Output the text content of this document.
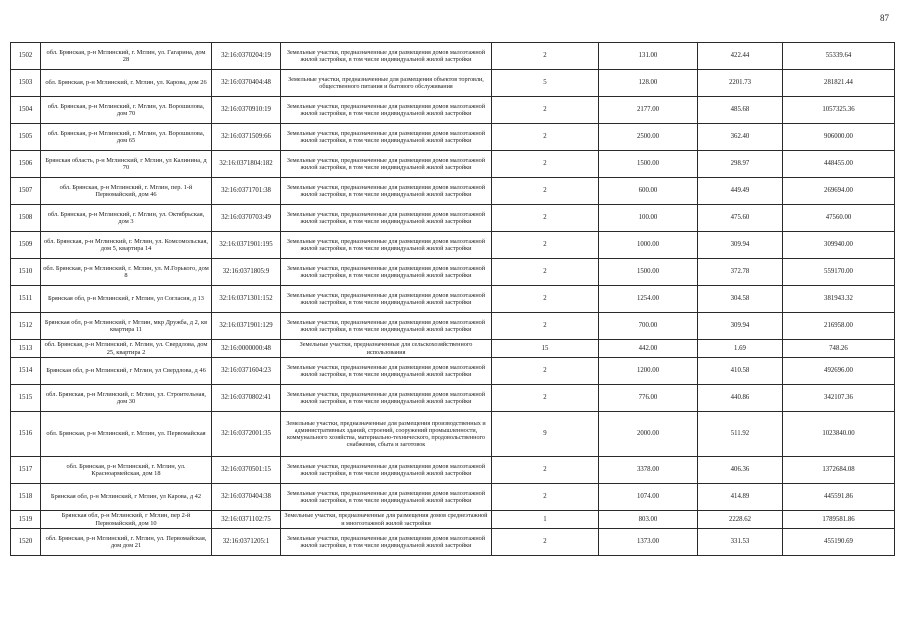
87
1502	обл. Брянская, р-н Мглинский, г. Мглин, ул. Гагарина, дом 28	32:16:0370204:19	Земельные участки, предназначенные для размещения домов малоэтажной жилой застройки, в том числе индивидуальной жилой застройки	2	131.00	422.44	55339.64
1503	обл. Брянская, р-н Мглинский, г. Мглин, ул. Карова, дом 26	32:16:0370404:48	Земельные участки, предназначенные для размещения объектов торговли, общественного питания и бытового обслуживания	5	128.00	2201.73	281821.44
1504	обл. Брянская, р-н Мглинский, г. Мглин, ул. Ворошилова, дом 70	32:16:0370910:19	Земельные участки, предназначенные для размещения домов малоэтажной жилой застройки, в том числе индивидуальной жилой застройки	2	2177.00	485.68	1057325.36
1505	обл. Брянская, р-н Мглинский, г. Мглин, ул. Ворошилова, дом 65	32:16:0371509:66	Земельные участки, предназначенные для размещения домов малоэтажной жилой застройки, в том числе индивидуальной жилой застройки	2	2500.00	362.40	906000.00
1506	Брянская область, р-н Мглинский, г Мглин, ул Калинина, д 70	32:16:0371804:182	Земельные участки, предназначенные для размещения домов малоэтажной жилой застройки, в том числе индивидуальной жилой застройки	2	1500.00	298.97	448455.00
1507	обл. Брянская, р-н Мглинский, г. Мглин, пер. 1-й Первомайский, дом 46	32:16:0371701:38	Земельные участки, предназначенные для размещения домов малоэтажной жилой застройки, в том числе индивидуальной жилой застройки	2	600.00	449.49	269694.00
1508	обл. Брянская, р-н Мглинский, г. Мглин, ул. Октябрьская, дом 3	32:16:0370703:49	Земельные участки, предназначенные для размещения домов малоэтажной жилой застройки, в том числе индивидуальной жилой застройки	2	100.00	475.60	47560.00
1509	обл. Брянская, р-н Мглинский, г. Мглин, ул. Комсомольская, дом 5, квартира 14	32:16:0371901:195	Земельные участки, предназначенные для размещения домов малоэтажной жилой застройки, в том числе индивидуальной жилой застройки	2	1000.00	309.94	309940.00
1510	обл. Брянская, р-н Мглинский, г. Мглин, ул. М.Горького, дом 8	32:16:0371805:9	Земельные участки, предназначенные для размещения домов малоэтажной жилой застройки, в том числе индивидуальной жилой застройки	2	1500.00	372.78	559170.00
1511	Брянская обл, р-н Мглинский, г Мглин, ул Согласия, д 13	32:16:0371301:152	Земельные участки, предназначенные для размещения домов малоэтажной жилой застройки, в том числе индивидуальной жилой застройки	2	1254.00	304.58	381943.32
1512	Брянская обл, р-н Мглинский, г Мглин, мкр Дружба, д 2, кв квартира 11	32:16:0371901:129	Земельные участки, предназначенные для размещения домов малоэтажной жилой застройки, в том числе индивидуальной жилой застройки	2	700.00	309.94	216958.00
1513	обл. Брянская, р-н Мглинский, г. Мглин, ул. Свердлова, дом 25, квартира 2	32:16:0000000:48	Земельные участки, предназначенные для сельскохозяйственного использования	15	442.00	1.69	748.26
1514	Брянская обл, р-н Мглинский, г Мглин, ул Свердлова, д 46	32:16:0371604:23	Земельные участки, предназначенные для размещения домов малоэтажной жилой застройки, в том числе индивидуальной жилой застройки	2	1200.00	410.58	492696.00
1515	обл. Брянская, р-н Мглинский, г. Мглин, ул. Строительная, дом 30	32:16:0370802:41	Земельные участки, предназначенные для размещения домов малоэтажной жилой застройки, в том числе индивидуальной жилой застройки	2	776.00	440.86	342107.36
1516	обл. Брянская, р-н Мглинский, г. Мглин, ул. Первомайская	32:16:0372001:35	Земельные участки, предназначенные для размещения производственных и административных зданий, строений, сооружений промышленности, коммунального хозяйства, материально-технического, продовольственного снабжения, сбыта и заготовок	9	2000.00	511.92	1023840.00
1517	обл. Брянская, р-н Мглинский, г. Мглин, ул. Красноармейская, дом 18	32:16:0370501:15	Земельные участки, предназначенные для размещения домов малоэтажной жилой застройки, в том числе индивидуальной жилой застройки	2	3378.00	406.36	1372684.08
1518	Брянская обл, р-н Мглинский, г Мглин, ул Карова, д 42	32:16:0370404:38	Земельные участки, предназначенные для размещения домов малоэтажной жилой застройки, в том числе индивидуальной жилой застройки	2	1074.00	414.89	445591.86
1519	Брянская обл, р-н Мглинский, г Мглин, пер 2-й Первомайский, дом 10	32:16:0371102:75	Земельные участки, предназначенные для размещения домов среднеэтажной и многоэтажной жилой застройки	1	803.00	2228.62	1789581.86
1520	обл. Брянская, р-н Мглинский, г. Мглин, ул. Первомайская, дом дом 21	32:16:0371205:1	Земельные участки, предназначенные для размещения домов малоэтажной жилой застройки, в том числе индивидуальной жилой застройки	2	1373.00	331.53	455190.69
